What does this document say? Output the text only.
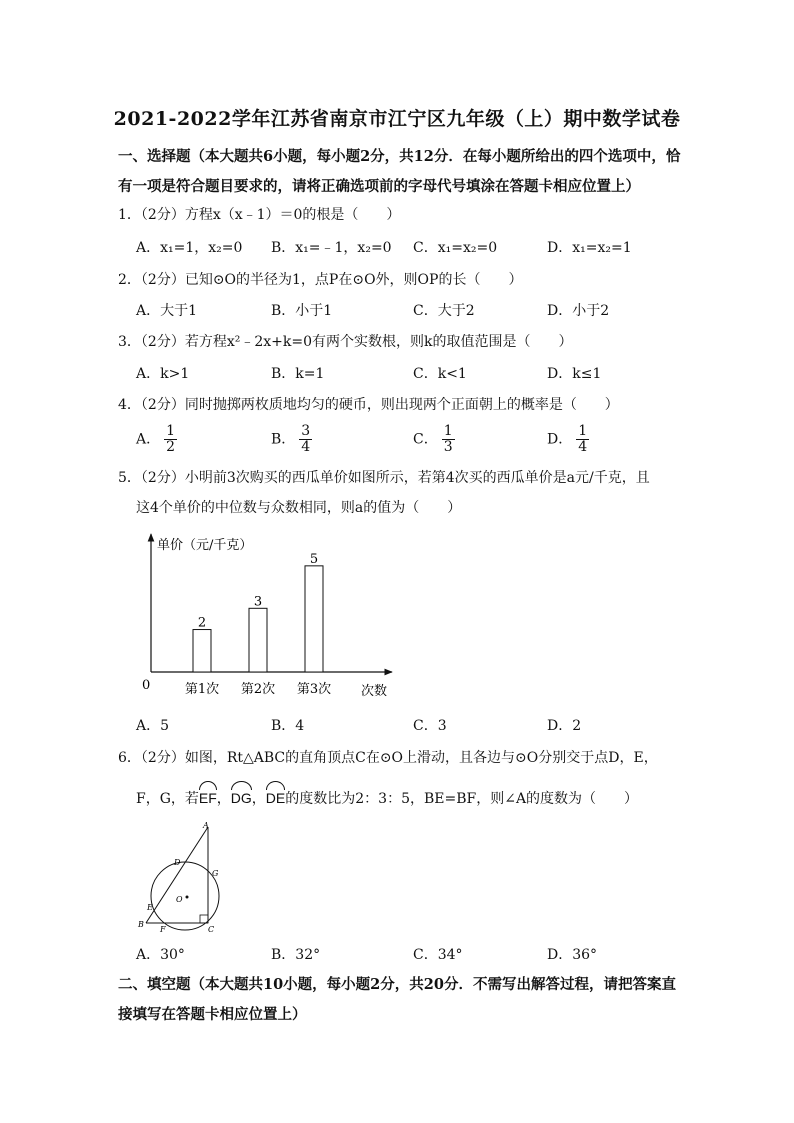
2021-2022学年江苏省南京市江宁区九年级（上）期中数学试卷
一、选择题（本大题共6小题，每小题2分，共12分．在每小题所给出的四个选项中，恰
有一项是符合题目要求的，请将正确选项前的字母代号填涂在答题卡相应位置上）
1．（2分）方程x（x﹣1）＝0的根是（　　）
A．x₁=1，x₂=0 B．x₁=﹣1，x₂=0 C．x₁=x₂=0	D．x₁=x₂=1
2．（2分）已知⊙O的半径为1，点P在⊙O外，则OP的长（　　）
A．大于1	B．小于1	C．大于2	D．小于2
3．（2分）若方程x²﹣2x+k=0有两个实数根，则k的取值范围是（　　）
A．k>1	B．k=1	C．k<1	D．k≤1
4．（2分）同时抛掷两枚质地均匀的硬币，则出现两个正面朝上的概率是（　　）
A． $\frac{1}{2}$	B． $\frac{3}{4}$	C． $\frac{1}{3}$	D． $\frac{1}{4}$
5．（2分）小明前3次购买的西瓜单价如图所示，若第4次买的西瓜单价是a元/千克，且
这4个单价的中位数与众数相同，则a的值为（　　）
单价（元/千克）
0	次数
2
第1次
3
第2次
5
第3次
A．5	B．4	C．3	D．2
6．（2分）如图，Rt△ABC的直角顶点C在⊙O上滑动，且各边与⊙O分别交于点D，E，
F，G，若EF，DG，DE的度数比为2：3：5，BE=BF，则∠A的度数为（　　）
A
B
C
D
E
F
G
O
A．30°	B．32°	C．34°	D．36°
二、填空题（本大题共10小题，每小题2分，共20分．不需写出解答过程，请把答案直
接填写在答题卡相应位置上）
